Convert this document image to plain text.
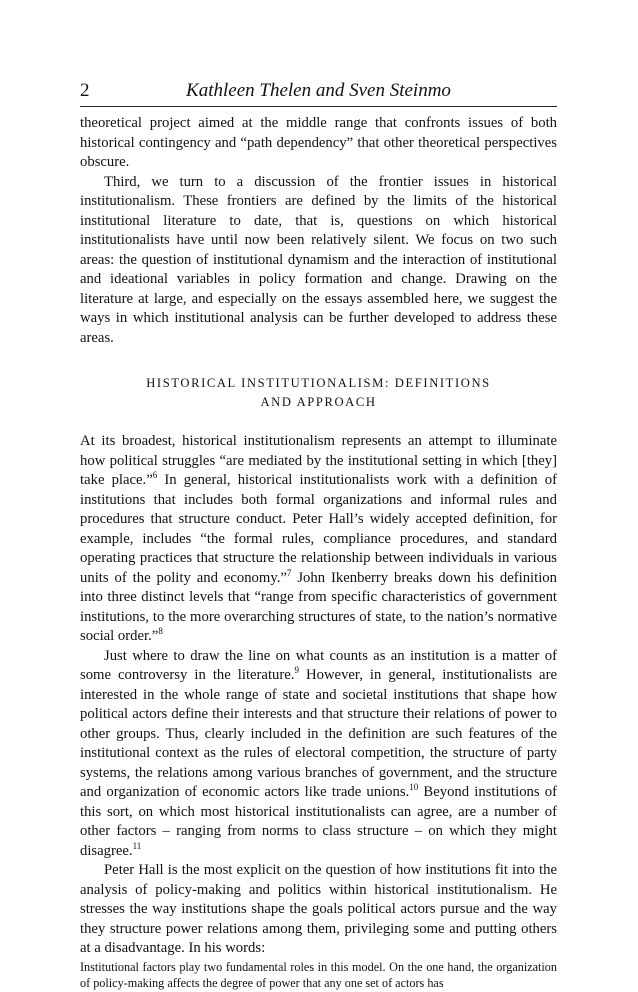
2	Kathleen Thelen and Sven Steinmo

theoretical project aimed at the middle range that confronts issues of both historical contingency and “path dependency” that other theoretical perspectives obscure.

Third, we turn to a discussion of the frontier issues in historical institutionalism. These frontiers are defined by the limits of the historical institutional literature to date, that is, questions on which historical institutionalists have until now been relatively silent. We focus on two such areas: the question of institutional dynamism and the interaction of institutional and ideational variables in policy formation and change. Drawing on the literature at large, and especially on the essays assembled here, we suggest the ways in which institutional analysis can be further developed to address these areas.

HISTORICAL INSTITUTIONALISM: DEFINITIONS
AND APPROACH

At its broadest, historical institutionalism represents an attempt to illuminate how political struggles “are mediated by the institutional setting in which [they] take place.”$^6$ In general, historical institutionalists work with a definition of institutions that includes both formal organizations and informal rules and procedures that structure conduct. Peter Hall’s widely accepted definition, for example, includes “the formal rules, compliance procedures, and standard operating practices that structure the relationship between individuals in various units of the polity and economy.”$^7$ John Ikenberry breaks down his definition into three distinct levels that “range from specific characteristics of government institutions, to the more overarching structures of state, to the nation’s normative social order.”$^8$

Just where to draw the line on what counts as an institution is a matter of some controversy in the literature.$^9$ However, in general, institutionalists are interested in the whole range of state and societal institutions that shape how political actors define their interests and that structure their relations of power to other groups. Thus, clearly included in the definition are such features of the institutional context as the rules of electoral competition, the structure of party systems, the relations among various branches of government, and the structure and organization of economic actors like trade unions.$^{10}$ Beyond institutions of this sort, on which most historical institutionalists can agree, are a number of other factors – ranging from norms to class structure – on which they might disagree.$^{11}$

Peter Hall is the most explicit on the question of how institutions fit into the analysis of policy-making and politics within historical institutionalism. He stresses the way institutions shape the goals political actors pursue and the way they structure power relations among them, privileging some and putting others at a disadvantage. In his words:

Institutional factors play two fundamental roles in this model. On the one hand, the organization of policy-making affects the degree of power that any one set of actors has
